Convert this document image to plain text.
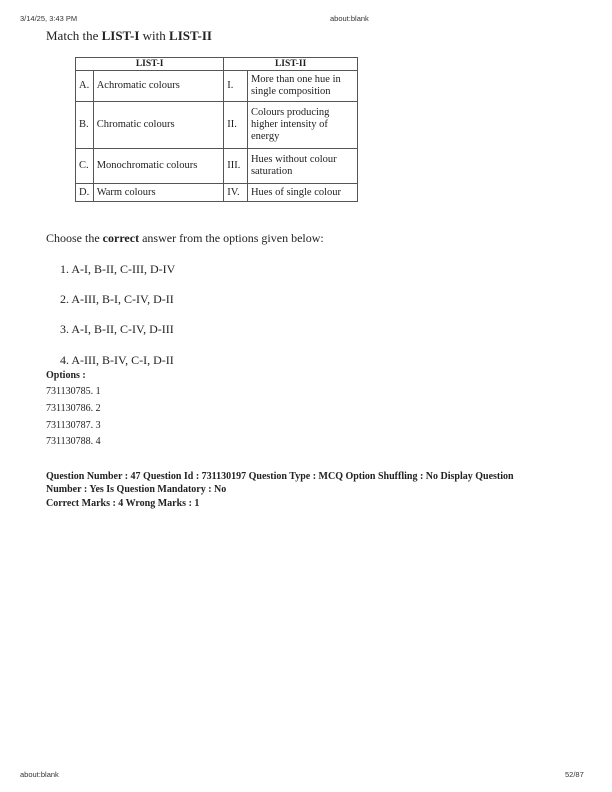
3/14/25, 3:43 PM	about:blank
Match the LIST-I with LIST-II
LIST-I		LIST-II	
A.	Achromatic colours	I.	More than one hue in single composition
B.	Chromatic colours	II.	Colours producing higher intensity of energy
C.	Monochromatic colours	III.	Hues without colour saturation
D.	Warm colours	IV.	Hues of single colour
Choose the correct answer from the options given below:
1. A-I, B-II, C-III, D-IV
2. A-III, B-I, C-IV, D-II
3. A-I, B-II, C-IV, D-III
4. A-III, B-IV, C-I, D-II
Options :
731130785. 1
731130786. 2
731130787. 3
731130788. 4
Question Number : 47 Question Id : 731130197 Question Type : MCQ Option Shuffling : No Display Question
Number : Yes Is Question Mandatory : No
Correct Marks : 4 Wrong Marks : 1
about:blank	52/87
